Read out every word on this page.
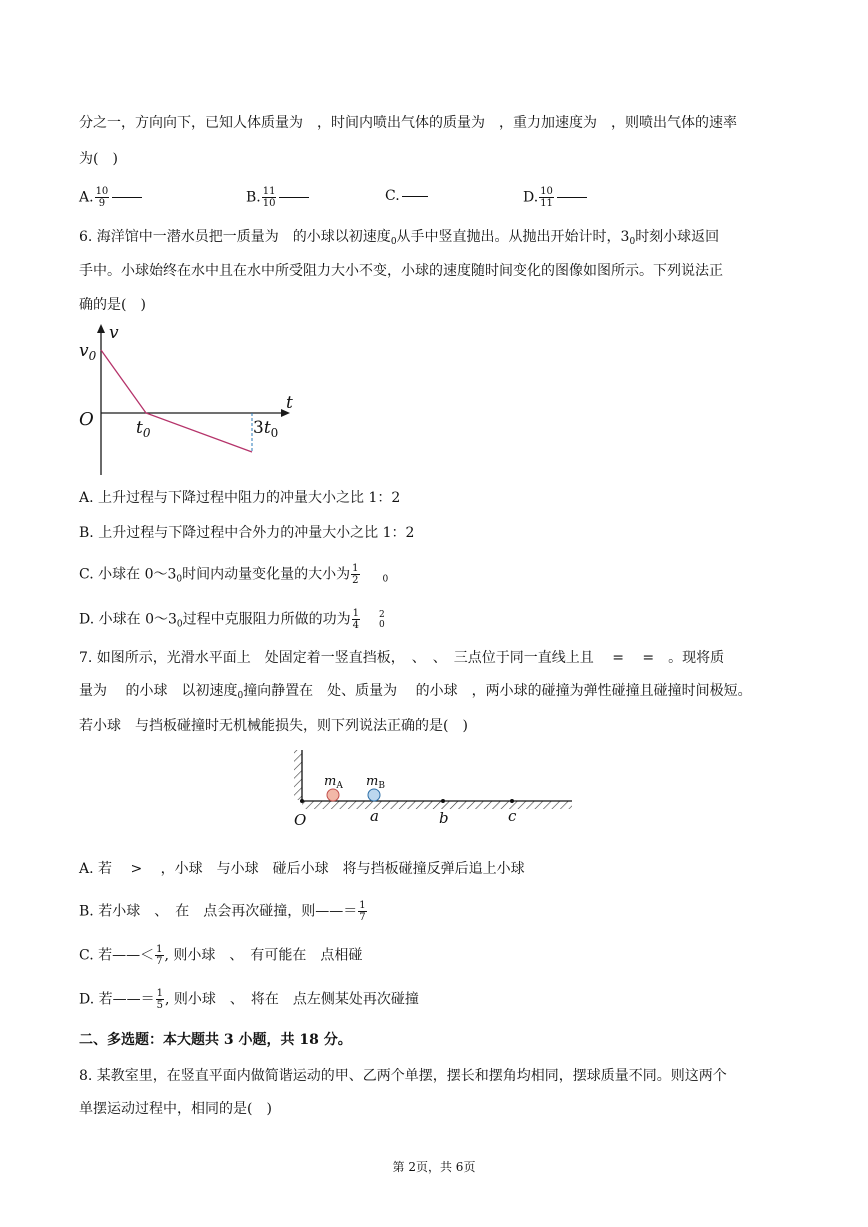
分之一，方向向下，已知人体质量为　，时间内喷出气体的质量为　，重力加速度为　，则喷出气体的速率
为(　)
A. $\frac{10}{9}$	B. $\frac{11}{10}$	C.	D. $\frac{10}{11}$
6. 海洋馆中一潜水员把一质量为　的小球以初速度$_0$从手中竖直抛出。从抛出开始计时，$3_0$时刻小球返回
手中。小球始终在水中且在水中所受阻力大小不变，小球的速度随时间变化的图像如图所示。下列说法正
确的是(　)
v
$v_0$
O $t_0$	$3t_0$
t
A. 上升过程与下降过程中阻力的冲量大小之比 1：2
B. 上升过程与下降过程中合外力的冲量大小之比 1：2
C. 小球在 $0\sim 3_0$时间内动量变化量的大小为 $\frac{1}{2}$	$_0$
D. 小球在 $0\sim 3_0$过程中克服阻力所做的功为 $\frac{1}{4} 2$
0
7. 如图所示，光滑水平面上　处固定着一竖直挡板，　、　、　三点位于同一直线上且　 =　 =　。现将质
量为　 的小球　以初速度$_0$撞向静置在　处、质量为　 的小球　，两小球的碰撞为弹性碰撞且碰撞时间极短。
若小球　与挡板碰撞时无机械能损失，则下列说法正确的是(　)
$m_A$ $m_B$
O	a	b	c
A. 若　 >　 ，小球　与小球　碰后小球　将与挡板碰撞反弹后追上小球
B. 若小球　、　在　点会再次碰撞，则——＝ $\frac{1}{7}$
C. 若——＜ $\frac{1}{7}$ , 则小球　、　有可能在　点相碰
D. 若——＝ $\frac{1}{5}$ , 则小球　、　将在　点左侧某处再次碰撞
二、多选题：本大题共 3 小题，共 18 分。
8. 某教室里，在竖直平面内做简谐运动的甲、乙两个单摆，摆长和摆角均相同，摆球质量不同。则这两个
单摆运动过程中，相同的是(　)
第 2页，共 6页
